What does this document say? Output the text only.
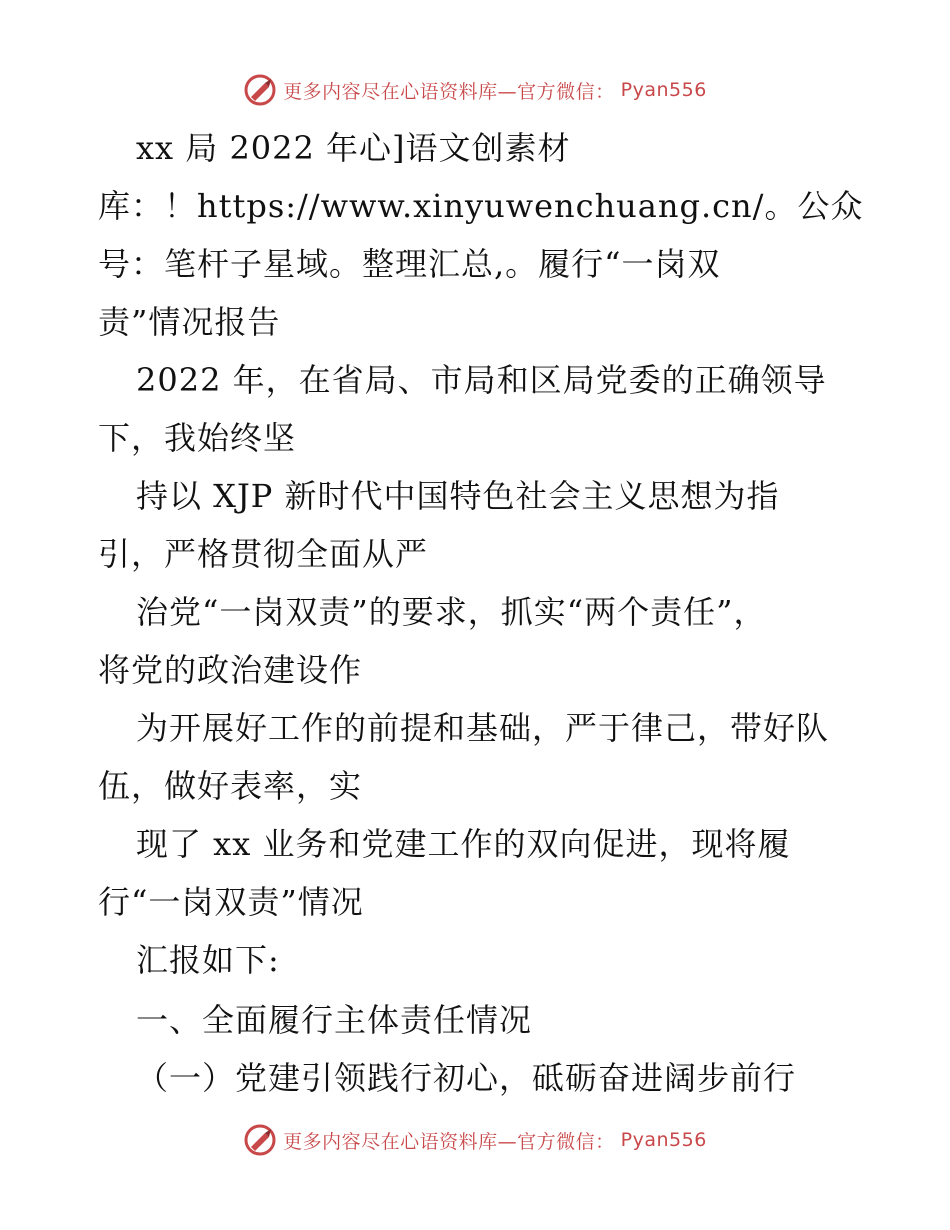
更多内容尽在心语资料库—官方微信： Pyan556
xx 局 2022 年心]语文创素材
库：！https://www.xinyuwenchuang.cn/。公众
号：笔杆子星域。整理汇总,。履行“一岗双
责”情况报告
2022 年，在省局、市局和区局党委的正确领导
下，我始终坚
持以 XJP 新时代中国特色社会主义思想为指
引，严格贯彻全面从严
治党“一岗双责”的要求，抓实“两个责任”，
将党的政治建设作
为开展好工作的前提和基础，严于律己，带好队
伍，做好表率，实
现了 xx 业务和党建工作的双向促进，现将履
行“一岗双责”情况
汇报如下:
一、全面履行主体责任情况
（一）党建引领践行初心，砥砺奋进阔步前行
更多内容尽在心语资料库—官方微信： Pyan556
